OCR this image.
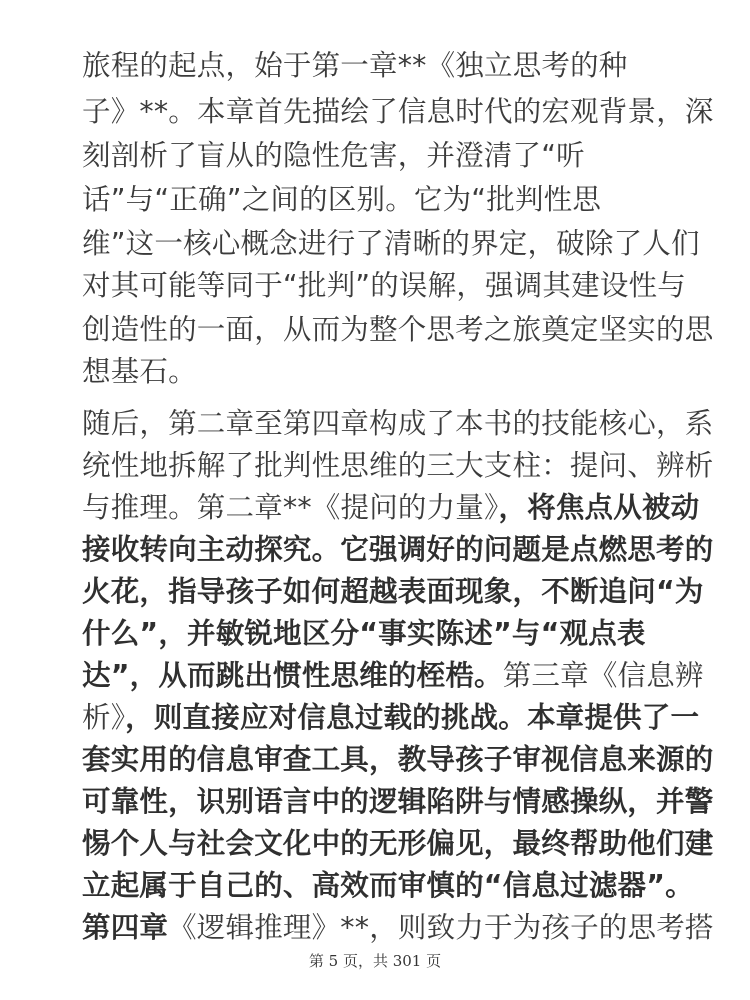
旅程的起点，始于第一章**《独立思考的种
子》**。本章首先描绘了信息时代的宏观背景，深
刻剖析了盲从的隐性危害，并澄清了“听
话”与“正确”之间的区别。它为“批判性思
维”这一核心概念进行了清晰的界定，破除了人们
对其可能等同于“批判”的误解，强调其建设性与
创造性的一面，从而为整个思考之旅奠定坚实的思
想基石。
随后，第二章至第四章构成了本书的技能核心，系
统性地拆解了批判性思维的三大支柱：提问、辨析
与推理。第二章**《提问的力量》，将焦点从被动
接收转向主动探究。它强调好的问题是点燃思考的
火花，指导孩子如何超越表面现象，不断追问“为
什么”，并敏锐地区分“事实陈述”与“观点表
达”，从而跳出惯性思维的桎梏。第三章《信息辨
析》，则直接应对信息过载的挑战。本章提供了一
套实用的信息审查工具，教导孩子审视信息来源的
可靠性，识别语言中的逻辑陷阱与情感操纵，并警
惕个人与社会文化中的无形偏见，最终帮助他们建
立起属于自己的、高效而审慎的“信息过滤器”。
第四章《逻辑推理》**，则致力于为孩子的思考搭
第 5 页，共 301 页
